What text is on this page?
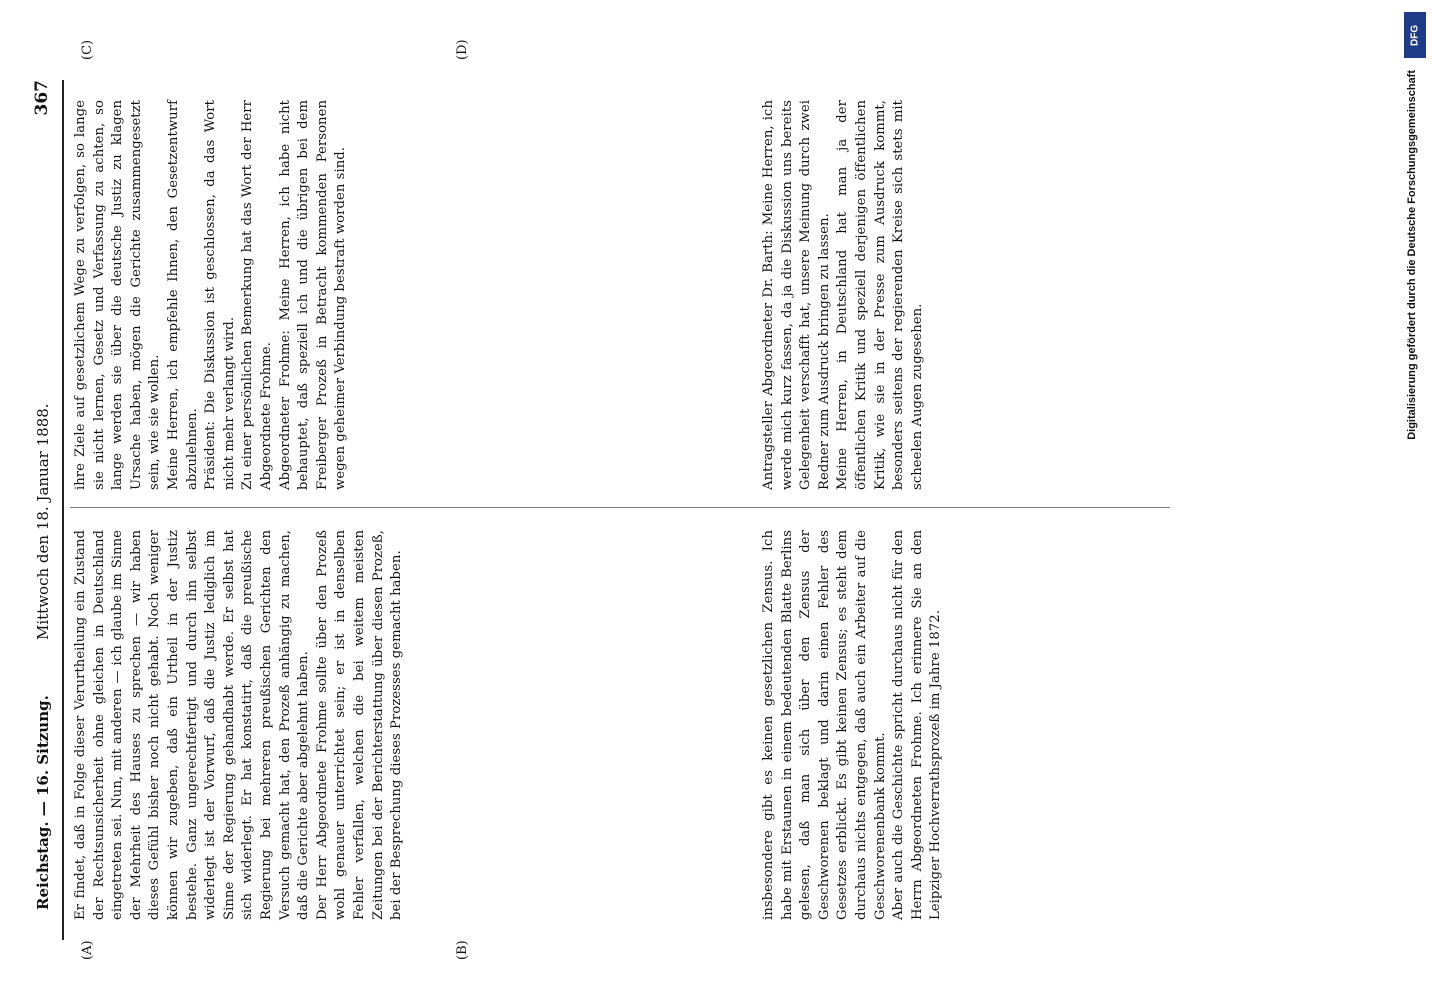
Reichstag. — 16. Sitzung.
Mittwoch den 18. Januar 1888.
367
(A)	(B)
(C)	(D)
Er findet, daß in Folge dieser Verurtheilung ein Zustand der Rechtsunsicherheit ohne gleichen in Deutschland eingetreten sei. Nun, mit anderen — ich glaube im Sinne der Mehrheit des Hauses zu sprechen — wir haben dieses Gefühl bisher noch nicht gehabt. Noch weniger können wir zugeben, daß ein Urtheil in der Justiz bestehe. Ganz ungerechtfertigt und durch ihn selbst widerlegt ist der Vorwurf, daß die Justiz lediglich im Sinne der Regierung gehandhabt werde. Er selbst hat sich widerlegt. Er hat konstatirt, daß die preußische Regierung bei mehreren preußischen Gerichten den Versuch gemacht hat, den Prozeß anhängig zu machen, daß die Gerichte aber abgelehnt haben.
Der Herr Abgeordnete Frohme sollte über den Prozeß wohl genauer unterrichtet sein; er ist in denselben Fehler verfallen, welchen die bei weitem meisten Zeitungen bei der Berichterstattung über diesen Prozeß, bei der Besprechung dieses Prozesses gemacht haben.
ihre Ziele auf gesetzlichem Wege zu verfolgen, so lange sie nicht lernen, Gesetz und Verfassung zu achten, so lange werden sie über die deutsche Justiz zu klagen Ursache haben, mögen die Gerichte zusammengesetzt sein, wie sie wollen.
Meine Herren, ich empfehle Ihnen, den Gesetzentwurf abzulehnen.
Präsident: Die Diskussion ist geschlossen, da das Wort nicht mehr verlangt wird.
Zu einer persönlichen Bemerkung hat das Wort der Herr Abgeordnete Frohme.
Abgeordneter Frohme: Meine Herren, ich habe nicht behauptet, daß speziell ich und die übrigen bei dem Freiberger Prozeß in Betracht kommenden Personen wegen geheimer Verbindung bestraft worden sind.
insbesondere gibt es keinen gesetzlichen Zensus. Ich habe mit Erstaunen in einem bedeutenden Blatte Berlins gelesen, daß man sich über den Zensus der Geschworenen beklagt und darin einen Fehler des Gesetzes erblickt. Es gibt keinen Zensus; es steht dem durchaus nichts entgegen, daß auch ein Arbeiter auf die Geschworenenbank kommt.
Aber auch die Geschichte spricht durchaus nicht für den Herrn Abgeordneten Frohme. Ich erinnere Sie an den Leipziger Hochverrathsprozeß im Jahre 1872.
Antragsteller Abgeordneter Dr. Barth: Meine Herren, ich werde mich kurz fassen, da ja die Diskussion uns bereits Gelegenheit verschafft hat, unsere Meinung durch zwei Redner zum Ausdruck bringen zu lassen.
Meine Herren, in Deutschland hat man ja der öffentlichen Kritik und speziell derjenigen öffentlichen Kritik, wie sie in der Presse zum Ausdruck kommt, besonders seitens der regierenden Kreise sich stets mit scheelen Augen zugesehen.
DFG
Digitalisierung gefördert durch die Deutsche Forschungsgemeinschaft
